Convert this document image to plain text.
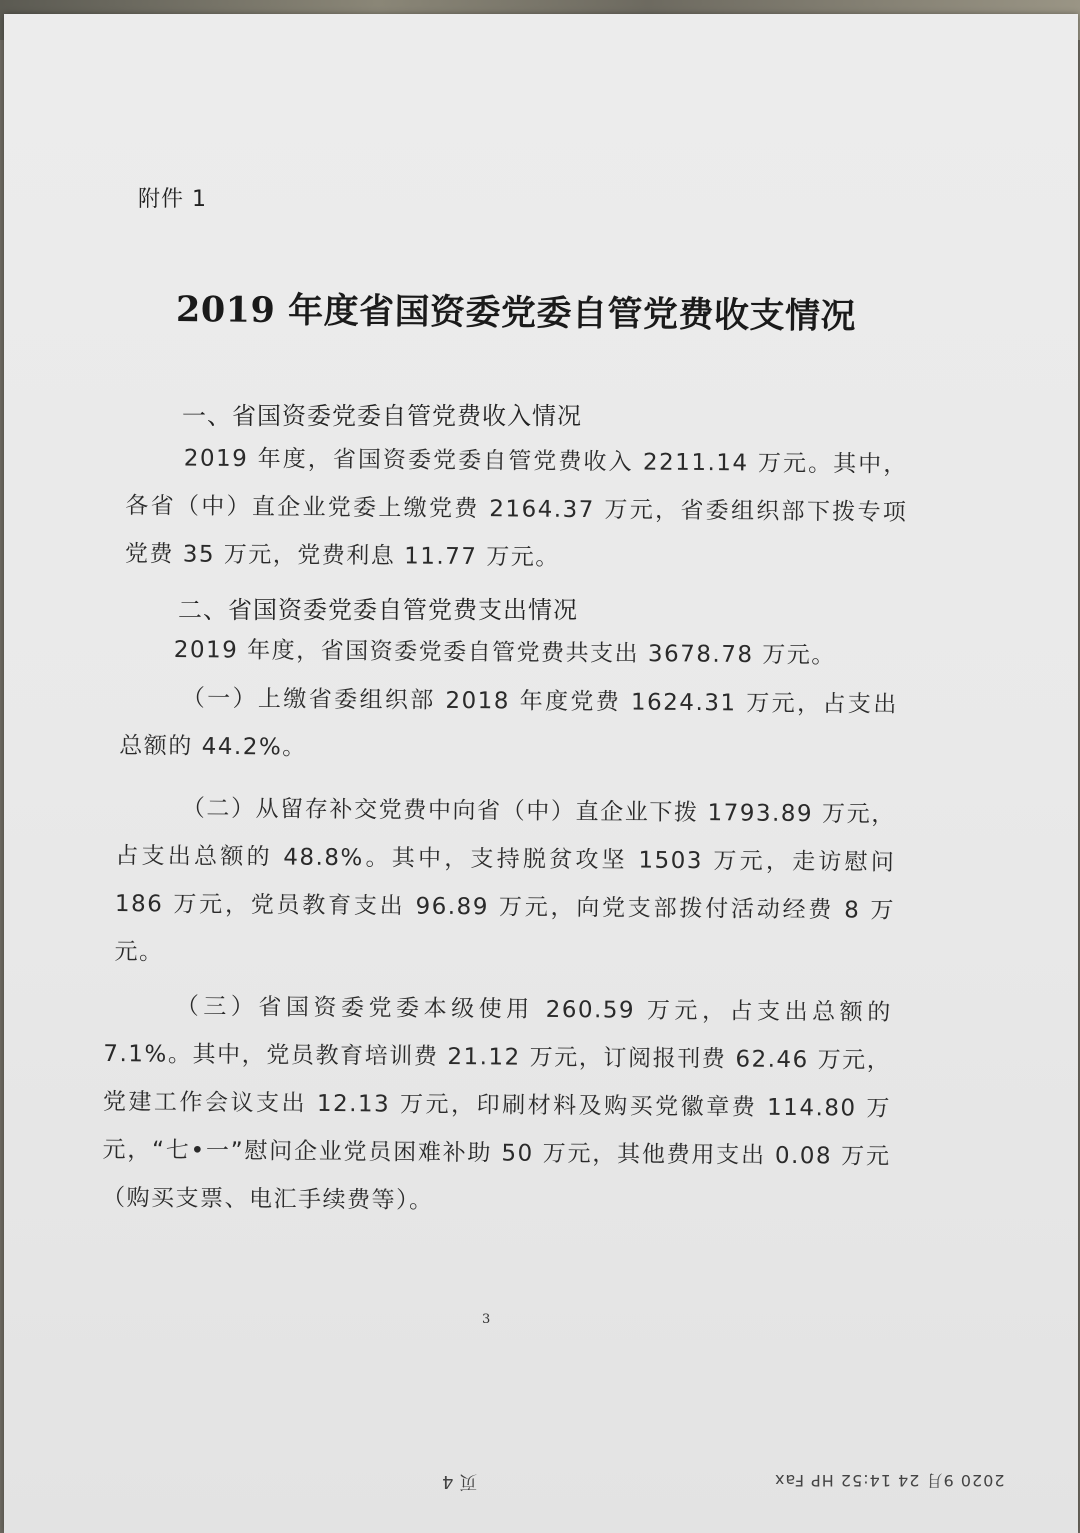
附件 1
2019 年度省国资委党委自管党费收支情况
一、省国资委党委自管党费收入情况
2019 年度，省国资委党委自管党费收入 2211.14 万元。其中，各省（中）直企业党委上缴党费 2164.37 万元，省委组织部下拨专项党费 35 万元，党费利息 11.77 万元。
二、省国资委党委自管党费支出情况
2019 年度，省国资委党委自管党费共支出 3678.78 万元。
（一）上缴省委组织部 2018 年度党费 1624.31 万元，占支出总额的 44.2%。
（二）从留存补交党费中向省（中）直企业下拨 1793.89 万元，占支出总额的 48.8%。其中，支持脱贫攻坚 1503 万元，走访慰问 186 万元，党员教育支出 96.89 万元，向党支部拨付活动经费 8 万元。
（三）省国资委党委本级使用 260.59 万元，占支出总额的 7.1%。其中，党员教育培训费 21.12 万元，订阅报刊费 62.46 万元，党建工作会议支出 12.13 万元，印刷材料及购买党徽章费 114.80 万元，“七•一”慰问企业党员困难补助 50 万元，其他费用支出 0.08 万元（购买支票、电汇手续费等）。
3
页 4	2020 9月 24 14:52 HP Fax
